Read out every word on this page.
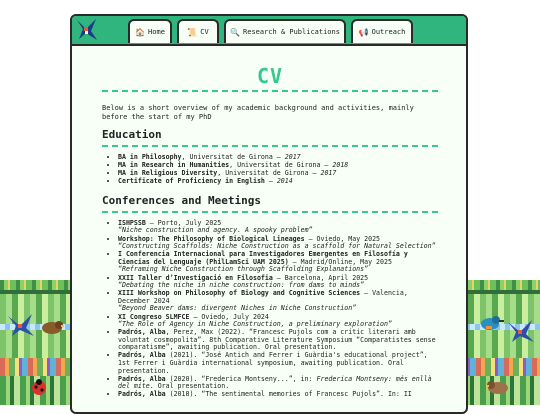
🏠 Home	📜 CV	🔍 Research & Publications 📢 Outreach
CV

Below is a short overview of my academic background and activities, mainly before the start of my PhD

Education
• BA in Philosophy, Universitat de Girona — 2017
• MA in Research in Humanities, Universitat de Girona — 2018
• MA in Religious Diversity, Universitat de Girona — 2017
• Certificate of Proficiency in English — 2014
Conferences and Meetings
• ISHPSSB — Porto, July 2025
“Niche construction and agency. A spooky problem”
• Workshop: The Philosophy of Biological Lineages — Oviedo, May 2025
“Constructing Scaffolds: Niche Construction as a scaffold for Natural Selection”
• I Conferencia Internacional para Investigadores Emergentes en Filosofía y Ciencias del Lenguaje (PhilLamSci UAM 2025) — Madrid/Online, May 2025
“Reframing Niche Construction through Scaffolding Explanations”
• XXII Taller d’Investigació en Filosofia — Barcelona, April 2025
“Debating the niche in niche construction: from dams to minds”
• XIII Workshop on Philosophy of Biology and Cognitive Sciences — Valencia, December 2024
“Beyond Beaver dams: divergent Niches in Niche Construction”
• XI Congreso SLMFCE — Oviedo, July 2024
“The Role of Agency in Niche Construction, a preliminary exploration”
• Padrós, Alba, Perez, Max (2022). “Francesc Pujols com a crític literari amb voluntat cosmopolita”. 8th Comparative Literature Symposium “Comparatistes sense comparatisme”, awaiting publication. Oral presentation.
• Padrós, Alba (2021). “José Antich and Ferrer i Guàrdia's educational project”, 1st Ferrer i Guàrdia international symposium, awaiting publication. Oral presentation.
• Padrós, Alba (2020). “Frederica Montseny...”, in: Frederica Montseny: més enllà del mite. Oral presentation.
• Padrós, Alba (2018). “The sentimental memories of Francesc Pujols”. In: II
